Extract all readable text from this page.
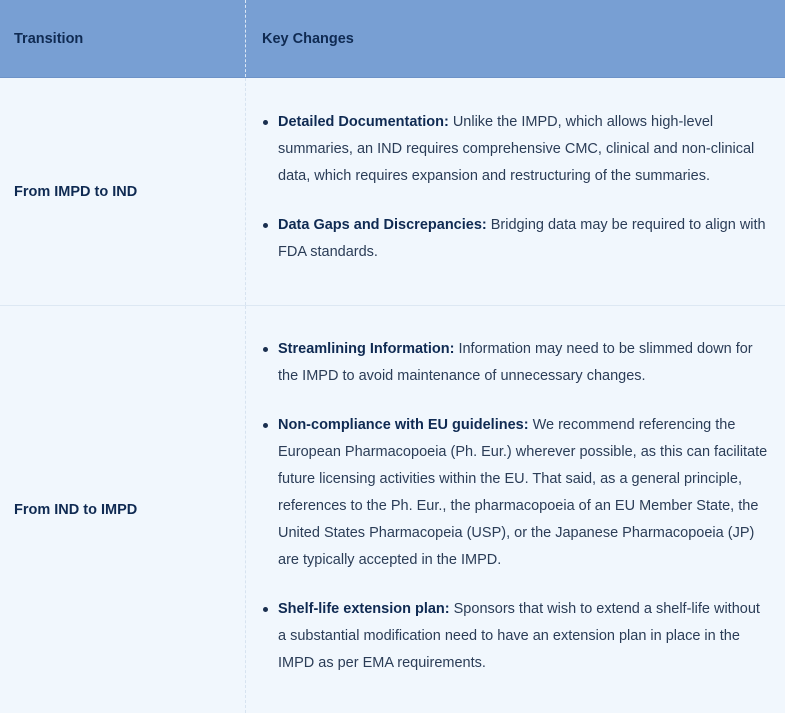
Transition	Key Changes
From IMPD to IND
Detailed Documentation: Unlike the IMPD, which allows high-level summaries, an IND requires comprehensive CMC, clinical and non-clinical data, which requires expansion and restructuring of the summaries.
Data Gaps and Discrepancies: Bridging data may be required to align with FDA standards.
From IND to IMPD
Streamlining Information: Information may need to be slimmed down for the IMPD to avoid maintenance of unnecessary changes.
Non-compliance with EU guidelines: We recommend referencing the European Pharmacopoeia (Ph. Eur.) wherever possible, as this can facilitate future licensing activities within the EU. That said, as a general principle, references to the Ph. Eur., the pharmacopoeia of an EU Member State, the United States Pharmacopeia (USP), or the Japanese Pharmacopoeia (JP) are typically accepted in the IMPD.
Shelf-life extension plan: Sponsors that wish to extend a shelf-life without a substantial modification need to have an extension plan in place in the IMPD as per EMA requirements.
